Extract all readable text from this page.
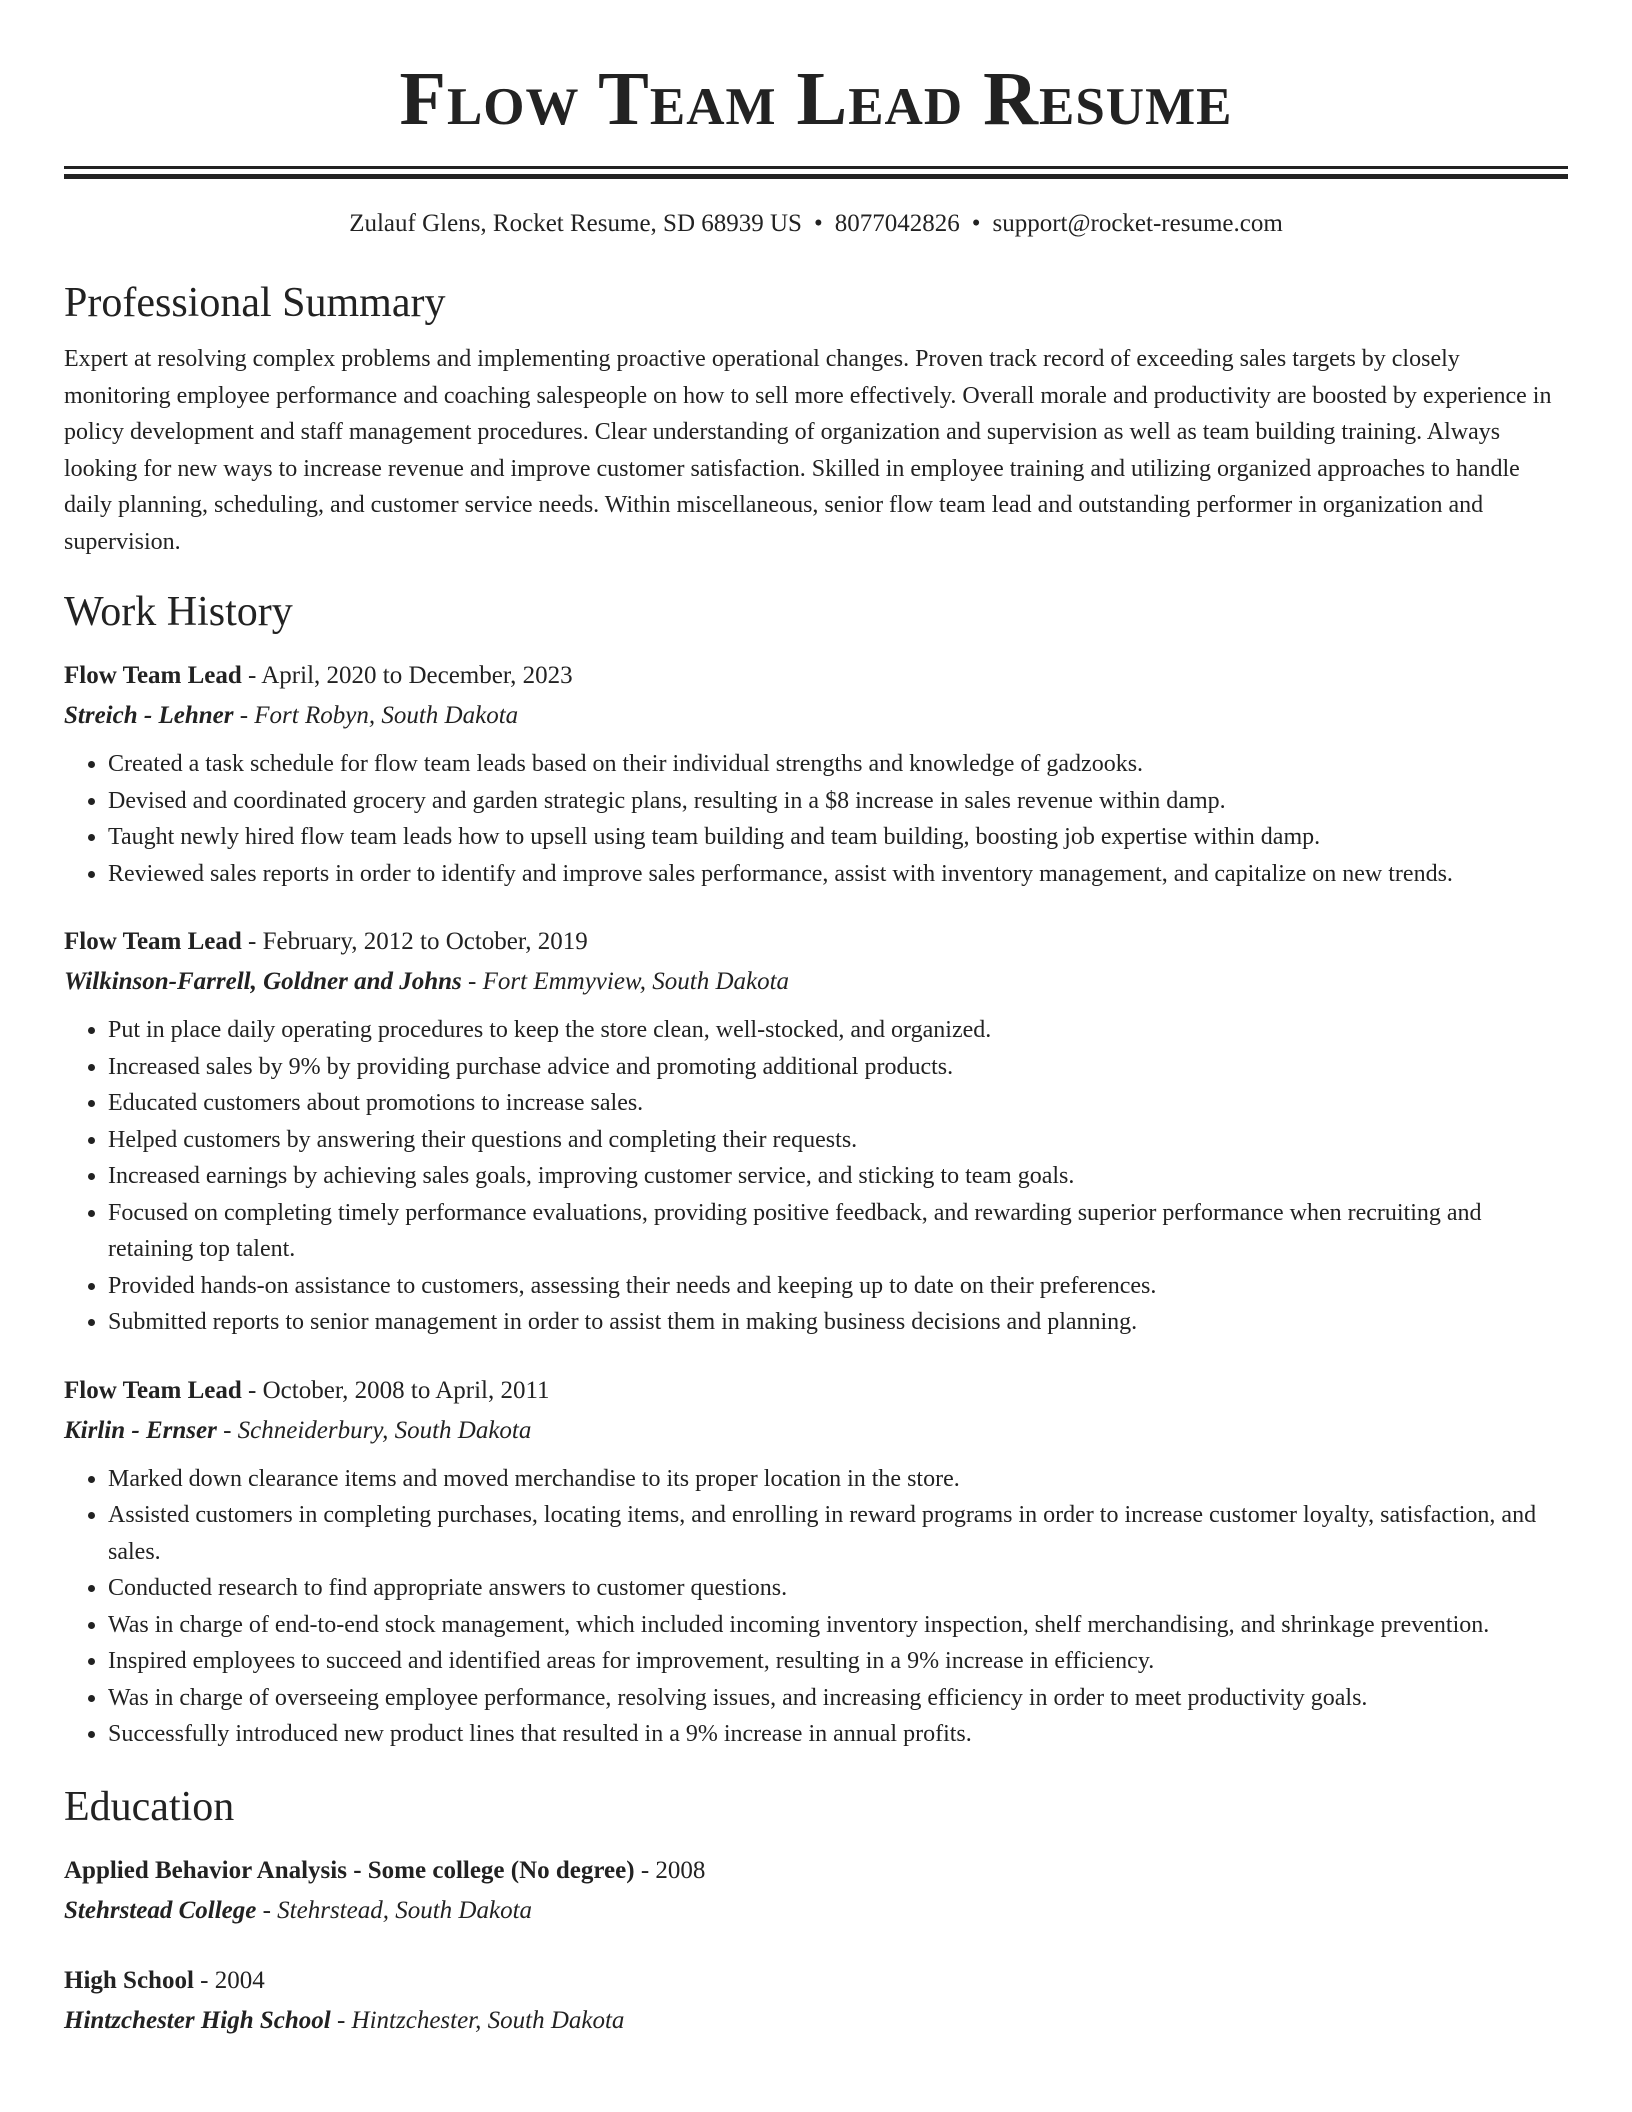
Flow Team Lead Resume
Zulauf Glens, Rocket Resume, SD 68939 US • 8077042826 • support@rocket-resume.com
Professional Summary

Expert at resolving complex problems and implementing proactive operational changes. Proven track record of exceeding sales targets by closely monitoring employee performance and coaching salespeople on how to sell more effectively. Overall morale and productivity are boosted by experience in policy development and staff management procedures. Clear understanding of organization and supervision as well as team building training. Always looking for new ways to increase revenue and improve customer satisfaction. Skilled in employee training and utilizing organized approaches to handle daily planning, scheduling, and customer service needs. Within miscellaneous, senior flow team lead and outstanding performer in organization and supervision.

Work History
Flow Team Lead - April, 2020 to December, 2023
Streich - Lehner - Fort Robyn, South Dakota
• Created a task schedule for flow team leads based on their individual strengths and knowledge of gadzooks.
• Devised and coordinated grocery and garden strategic plans, resulting in a $8 increase in sales revenue within damp.
• Taught newly hired flow team leads how to upsell using team building and team building, boosting job expertise within damp.
• Reviewed sales reports in order to identify and improve sales performance, assist with inventory management, and capitalize on new trends.
Flow Team Lead - February, 2012 to October, 2019
Wilkinson-Farrell, Goldner and Johns - Fort Emmyview, South Dakota
• Put in place daily operating procedures to keep the store clean, well-stocked, and organized.
• Increased sales by 9% by providing purchase advice and promoting additional products.
• Educated customers about promotions to increase sales.
• Helped customers by answering their questions and completing their requests.
• Increased earnings by achieving sales goals, improving customer service, and sticking to team goals.
• Focused on completing timely performance evaluations, providing positive feedback, and rewarding superior performance when recruiting and retaining top talent.
• Provided hands-on assistance to customers, assessing their needs and keeping up to date on their preferences.
• Submitted reports to senior management in order to assist them in making business decisions and planning.
Flow Team Lead - October, 2008 to April, 2011
Kirlin - Ernser - Schneiderbury, South Dakota
• Marked down clearance items and moved merchandise to its proper location in the store.
• Assisted customers in completing purchases, locating items, and enrolling in reward programs in order to increase customer loyalty, satisfaction, and sales.
• Conducted research to find appropriate answers to customer questions.
• Was in charge of end-to-end stock management, which included incoming inventory inspection, shelf merchandising, and shrinkage prevention.
• Inspired employees to succeed and identified areas for improvement, resulting in a 9% increase in efficiency.
• Was in charge of overseeing employee performance, resolving issues, and increasing efficiency in order to meet productivity goals.
• Successfully introduced new product lines that resulted in a 9% increase in annual profits.
Education
Applied Behavior Analysis - Some college (No degree) - 2008
Stehrstead College - Stehrstead, South Dakota
High School - 2004
Hintzchester High School - Hintzchester, South Dakota
